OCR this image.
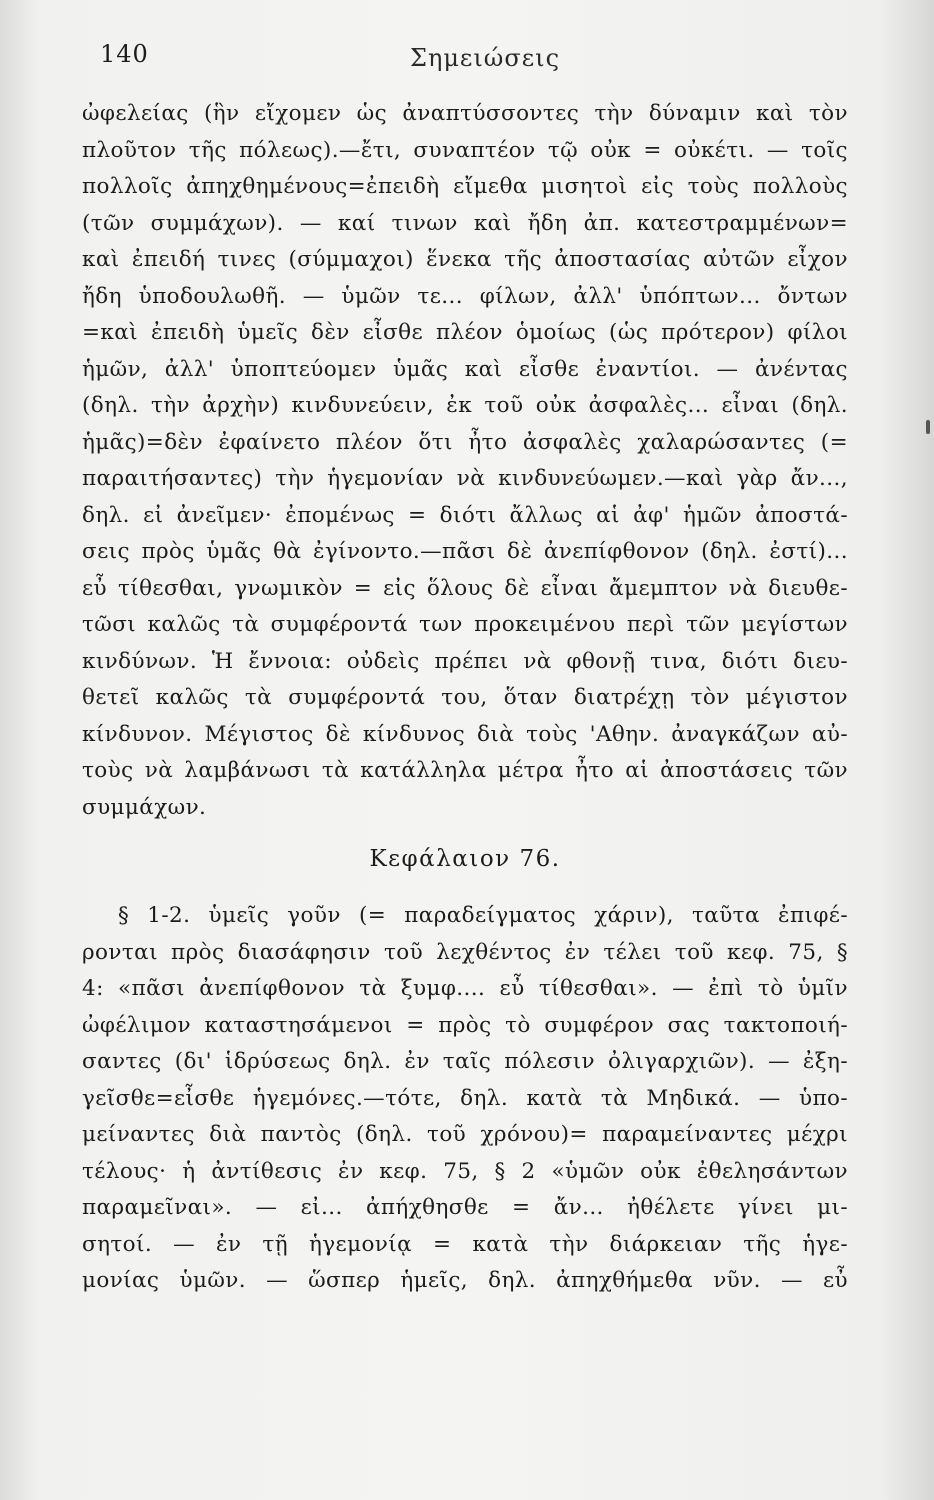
140	Σημειώσεις
ὠφελείας (ἣν εἴχομεν ὡς ἀναπτύσσοντες τὴν δύναμιν καὶ τὸν
πλοῦτον τῆς πόλεως).—ἔτι, συναπτέον τῷ οὐκ = οὐκέτι. — τοῖς
πολλοῖς ἀπηχθημένους=ἐπειδὴ εἴμεθα μισητοὶ εἰς τοὺς πολλοὺς
(τῶν συμμάχων). — καί τινων καὶ ἤδη ἀπ. κατεστραμμένων=
καὶ ἐπειδή τινες (σύμμαχοι) ἕνεκα τῆς ἀποστασίας αὐτῶν εἶχον
ἤδη ὑποδουλωθῆ. — ὑμῶν τε... φίλων, ἀλλ' ὑπόπτων... ὄντων
=καὶ ἐπειδὴ ὑμεῖς δὲν εἶσθε πλέον ὁμοίως (ὡς πρότερον) φίλοι
ἡμῶν, ἀλλ' ὑποπτεύομεν ὑμᾶς καὶ εἶσθε ἐναντίοι. — ἀνέντας
(δηλ. τὴν ἀρχὴν) κινδυνεύειν, ἐκ τοῦ οὐκ ἀσφαλὲς... εἶναι (δηλ.
ἡμᾶς)=δὲν ἐφαίνετο πλέον ὅτι ἦτο ἀσφαλὲς χαλαρώσαντες (=
παραιτήσαντες) τὴν ἡγεμονίαν νὰ κινδυνεύωμεν.—καὶ γὰρ ἄν...,
δηλ. εἰ ἀνεῖμεν· ἐπομένως = διότι ἄλλως αἱ ἀφ' ἡμῶν ἀποστά-
σεις πρὸς ὑμᾶς θὰ ἐγίνοντο.—πᾶσι δὲ ἀνεπίφθονον (δηλ. ἐστί)...
εὖ τίθεσθαι, γνωμικὸν = εἰς ὅλους δὲ εἶναι ἄμεμπτον νὰ διευθε-
τῶσι καλῶς τὰ συμφέροντά των προκειμένου περὶ τῶν μεγίστων
κινδύνων. Ἡ ἔννοια: οὐδεὶς πρέπει νὰ φθονῇ τινα, διότι διευ-
θετεῖ καλῶς τὰ συμφέροντά του, ὅταν διατρέχῃ τὸν μέγιστον
κίνδυνον. Μέγιστος δὲ κίνδυνος διὰ τοὺς 'Αθην. ἀναγκάζων αὐ-
τοὺς νὰ λαμβάνωσι τὰ κατάλληλα μέτρα ἦτο αἱ ἀποστάσεις τῶν
συμμάχων.
Κεφάλαιον 76.
§ 1-2. ὑμεῖς γοῦν (= παραδείγματος χάριν), ταῦτα ἐπιφέ-
ρονται πρὸς διασάφησιν τοῦ λεχθέντος ἐν τέλει τοῦ κεφ. 75, §
4: «πᾶσι ἀνεπίφθονον τὰ ξυμφ.... εὖ τίθεσθαι». — ἐπὶ τὸ ὑμῖν
ὠφέλιμον καταστησάμενοι = πρὸς τὸ συμφέρον σας τακτοποιή-
σαντες (δι' ἱδρύσεως δηλ. ἐν ταῖς πόλεσιν ὀλιγαρχιῶν). — ἐξη-
γεῖσθε=εἶσθε ἡγεμόνες.—τότε, δηλ. κατὰ τὰ Μηδικά. — ὑπο-
μείναντες διὰ παντὸς (δηλ. τοῦ χρόνου)= παραμείναντες μέχρι
τέλους· ἡ ἀντίθεσις ἐν κεφ. 75, § 2 «ὑμῶν οὐκ ἐθελησάντων
παραμεῖναι». — εἰ... ἀπήχθησθε = ἄν... ἠθέλετε γίνει μι-
σητοί. — ἐν τῇ ἡγεμονίᾳ = κατὰ τὴν διάρκειαν τῆς ἡγε-
μονίας ὑμῶν. — ὥσπερ ἡμεῖς, δηλ. ἀπηχθήμεθα νῦν. — εὖ
